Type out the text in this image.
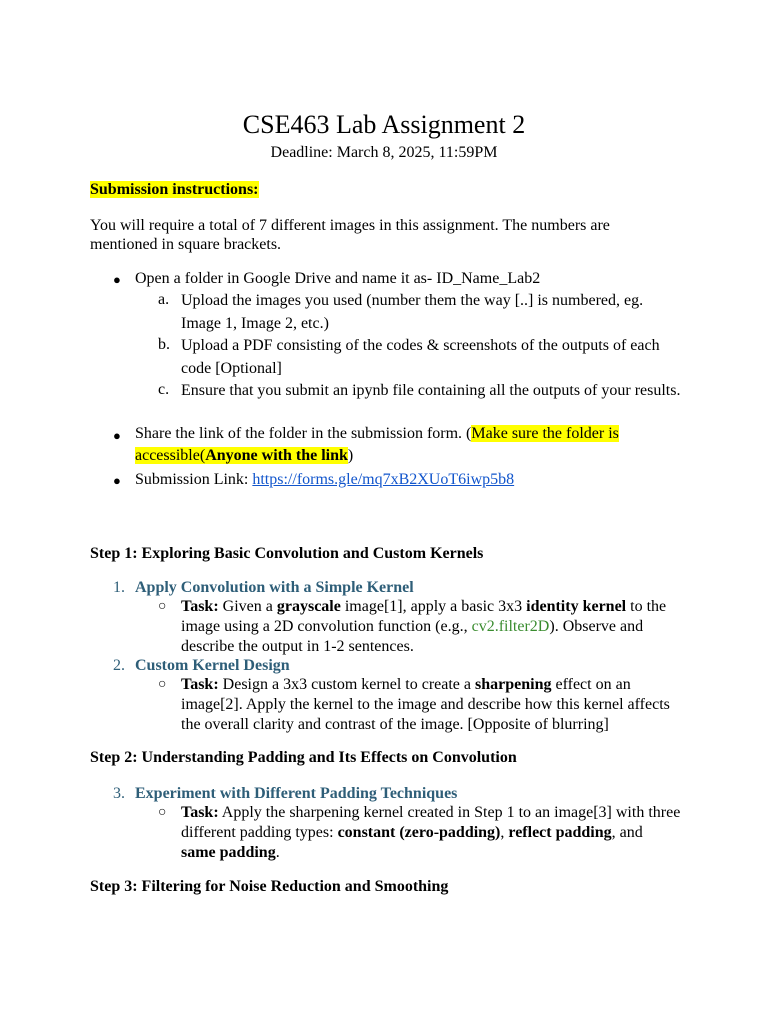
CSE463 Lab Assignment 2
Deadline: March 8, 2025, 11:59PM
Submission instructions:
You will require a total of 7 different images in this assignment. The numbers are mentioned in square brackets.
● Open a folder in Google Drive and name it as- ID_Name_Lab2
a. Upload the images you used (number them the way [..] is numbered, eg. Image 1, Image 2, etc.)
b. Upload a PDF consisting of the codes & screenshots of the outputs of each code [Optional]
c. Ensure that you submit an ipynb file containing all the outputs of your results.
● Share the link of the folder in the submission form. (Make sure the folder is accessible(Anyone with the link)
● Submission Link: https://forms.gle/mq7xB2XUoT6iwp5b8
Step 1: Exploring Basic Convolution and Custom Kernels
1. Apply Convolution with a Simple Kernel
○ Task: Given a grayscale image[1], apply a basic 3x3 identity kernel to the image using a 2D convolution function (e.g., cv2.filter2D). Observe and describe the output in 1-2 sentences.
2. Custom Kernel Design
○ Task: Design a 3x3 custom kernel to create a sharpening effect on an image[2]. Apply the kernel to the image and describe how this kernel affects the overall clarity and contrast of the image. [Opposite of blurring]
Step 2: Understanding Padding and Its Effects on Convolution
3. Experiment with Different Padding Techniques
○ Task: Apply the sharpening kernel created in Step 1 to an image[3] with three different padding types: constant (zero-padding), reflect padding, and same padding.
Step 3: Filtering for Noise Reduction and Smoothing
